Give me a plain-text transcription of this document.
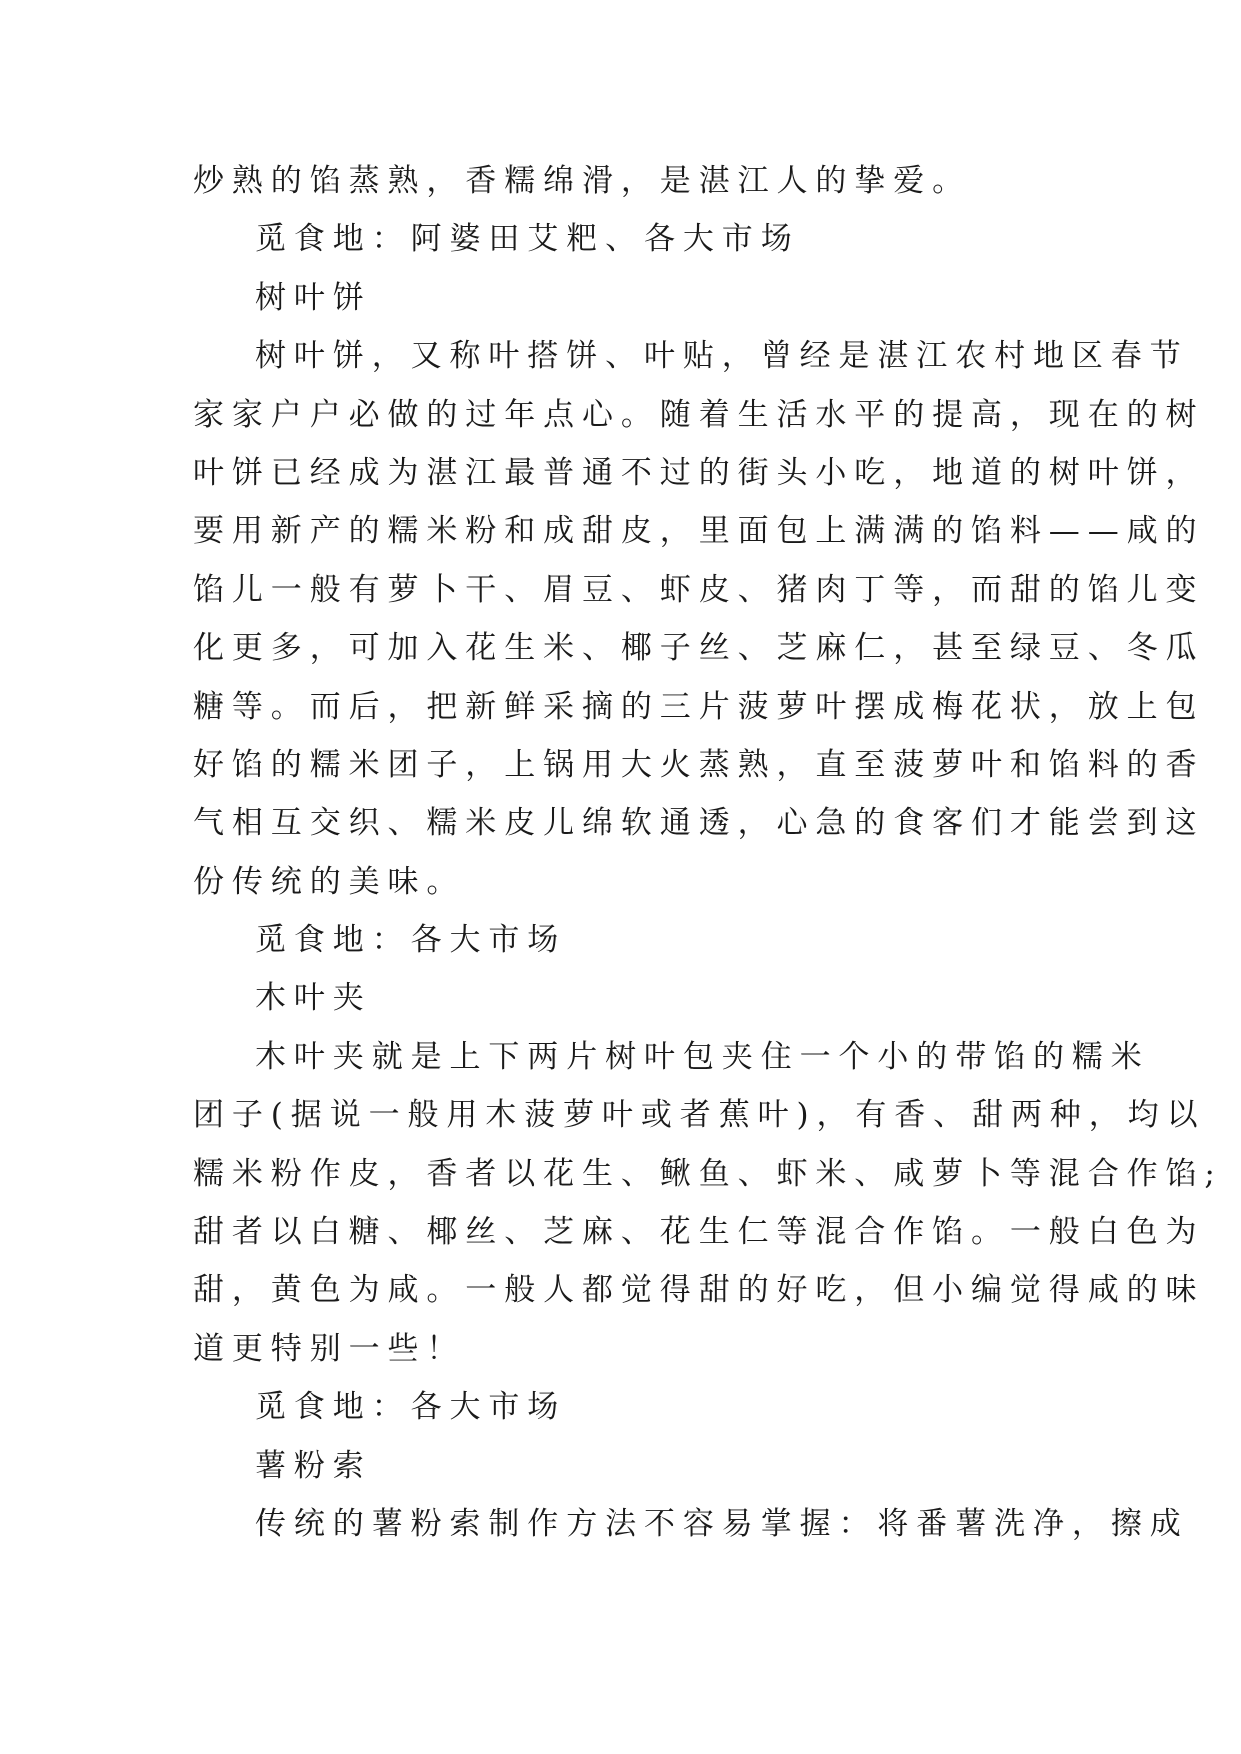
炒熟的馅蒸熟，香糯绵滑，是湛江人的挚爱。
觅食地：阿婆田艾粑、各大市场
树叶饼
树叶饼，又称叶搭饼、叶贴，曾经是湛江农村地区春节
家家户户必做的过年点心。随着生活水平的提高，现在的树
叶饼已经成为湛江最普通不过的街头小吃，地道的树叶饼，
要用新产的糯米粉和成甜皮，里面包上满满的馅料——咸的
馅儿一般有萝卜干、眉豆、虾皮、猪肉丁等，而甜的馅儿变
化更多，可加入花生米、椰子丝、芝麻仁，甚至绿豆、冬瓜
糖等。而后，把新鲜采摘的三片菠萝叶摆成梅花状，放上包
好馅的糯米团子，上锅用大火蒸熟，直至菠萝叶和馅料的香
气相互交织、糯米皮儿绵软通透，心急的食客们才能尝到这
份传统的美味。
觅食地：各大市场
木叶夹
木叶夹就是上下两片树叶包夹住一个小的带馅的糯米
团子(据说一般用木菠萝叶或者蕉叶)，有香、甜两种，均以
糯米粉作皮，香者以花生、鳅鱼、虾米、咸萝卜等混合作馅;
甜者以白糖、椰丝、芝麻、花生仁等混合作馅。一般白色为
甜，黄色为咸。一般人都觉得甜的好吃，但小编觉得咸的味
道更特别一些！
觅食地：各大市场
薯粉索
传统的薯粉索制作方法不容易掌握：将番薯洗净，擦成
